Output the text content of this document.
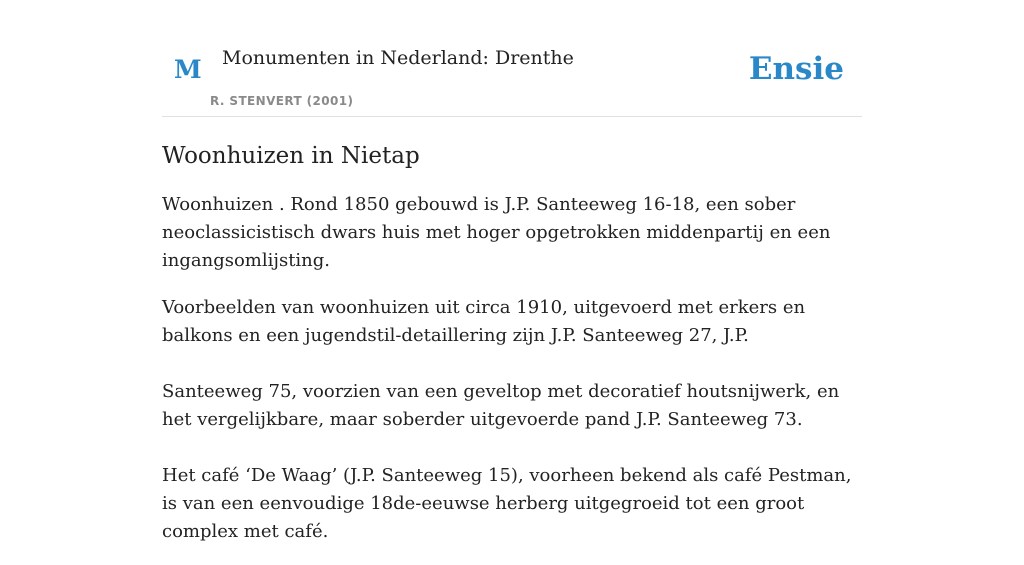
M Monumenten in Nederland: Drenthe
R. STENVERT (2001)
Ensie
Woonhuizen in Nietap

Woonhuizen . Rond 1850 gebouwd is J.P. Santeeweg 16-18, een sober neoclassicistisch dwars huis met hoger opgetrokken middenpartij en een ingangsomlijsting.

Voorbeelden van woonhuizen uit circa 1910, uitgevoerd met erkers en balkons en een jugendstil-detaillering zijn J.P. Santeeweg 27, J.P.

Santeeweg 75, voorzien van een geveltop met decoratief houtsnijwerk, en het vergelijkbare, maar soberder uitgevoerde pand J.P. Santeeweg 73.

Het café ‘De Waag’ (J.P. Santeeweg 15), voorheen bekend als café Pestman, is van een eenvoudige 18de-eeuwse herberg uitgegroeid tot een groot complex met café.
